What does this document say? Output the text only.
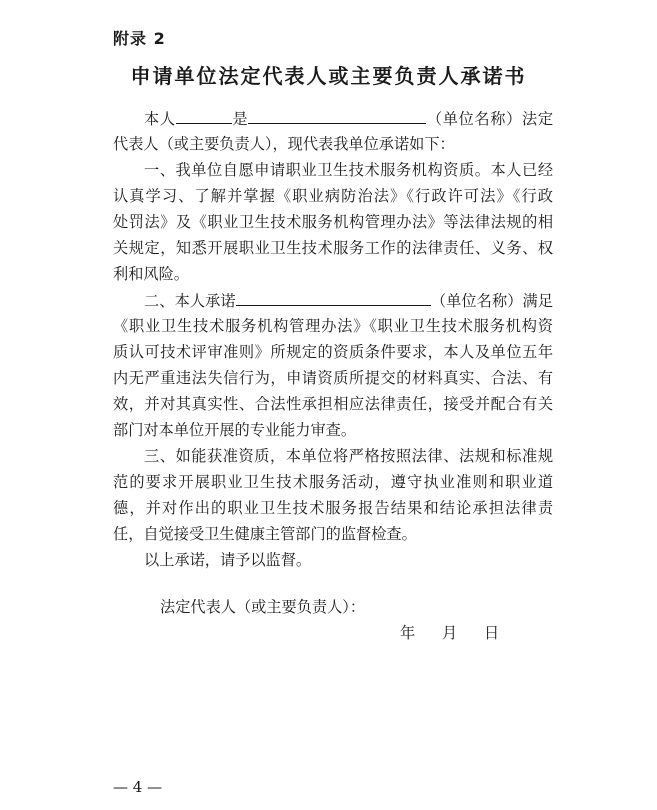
附录 2
申请单位法定代表人或主要负责人承诺书
本人	是	（单位名称）法定
代表人（或主要负责人），现代表我单位承诺如下：
一、我单位自愿申请职业卫生技术服务机构资质。本人已经
认真学习、了解并掌握《职业病防治法》《行政许可法》《行政
处罚法》及《职业卫生技术服务机构管理办法》等法律法规的相
关规定，知悉开展职业卫生技术服务工作的法律责任、义务、权
利和风险。
二、本人承诺	（单位名称）满足
《职业卫生技术服务机构管理办法》《职业卫生技术服务机构资
质认可技术评审准则》所规定的资质条件要求，本人及单位五年
内无严重违法失信行为，申请资质所提交的材料真实、合法、有
效，并对其真实性、合法性承担相应法律责任，接受并配合有关
部门对本单位开展的专业能力审查。
三、如能获准资质，本单位将严格按照法律、法规和标准规
范的要求开展职业卫生技术服务活动，遵守执业准则和职业道
德，并对作出的职业卫生技术服务报告结果和结论承担法律责
任，自觉接受卫生健康主管部门的监督检查。
以上承诺，请予以监督。
法定代表人（或主要负责人）：
年 月 日
— 4 —
